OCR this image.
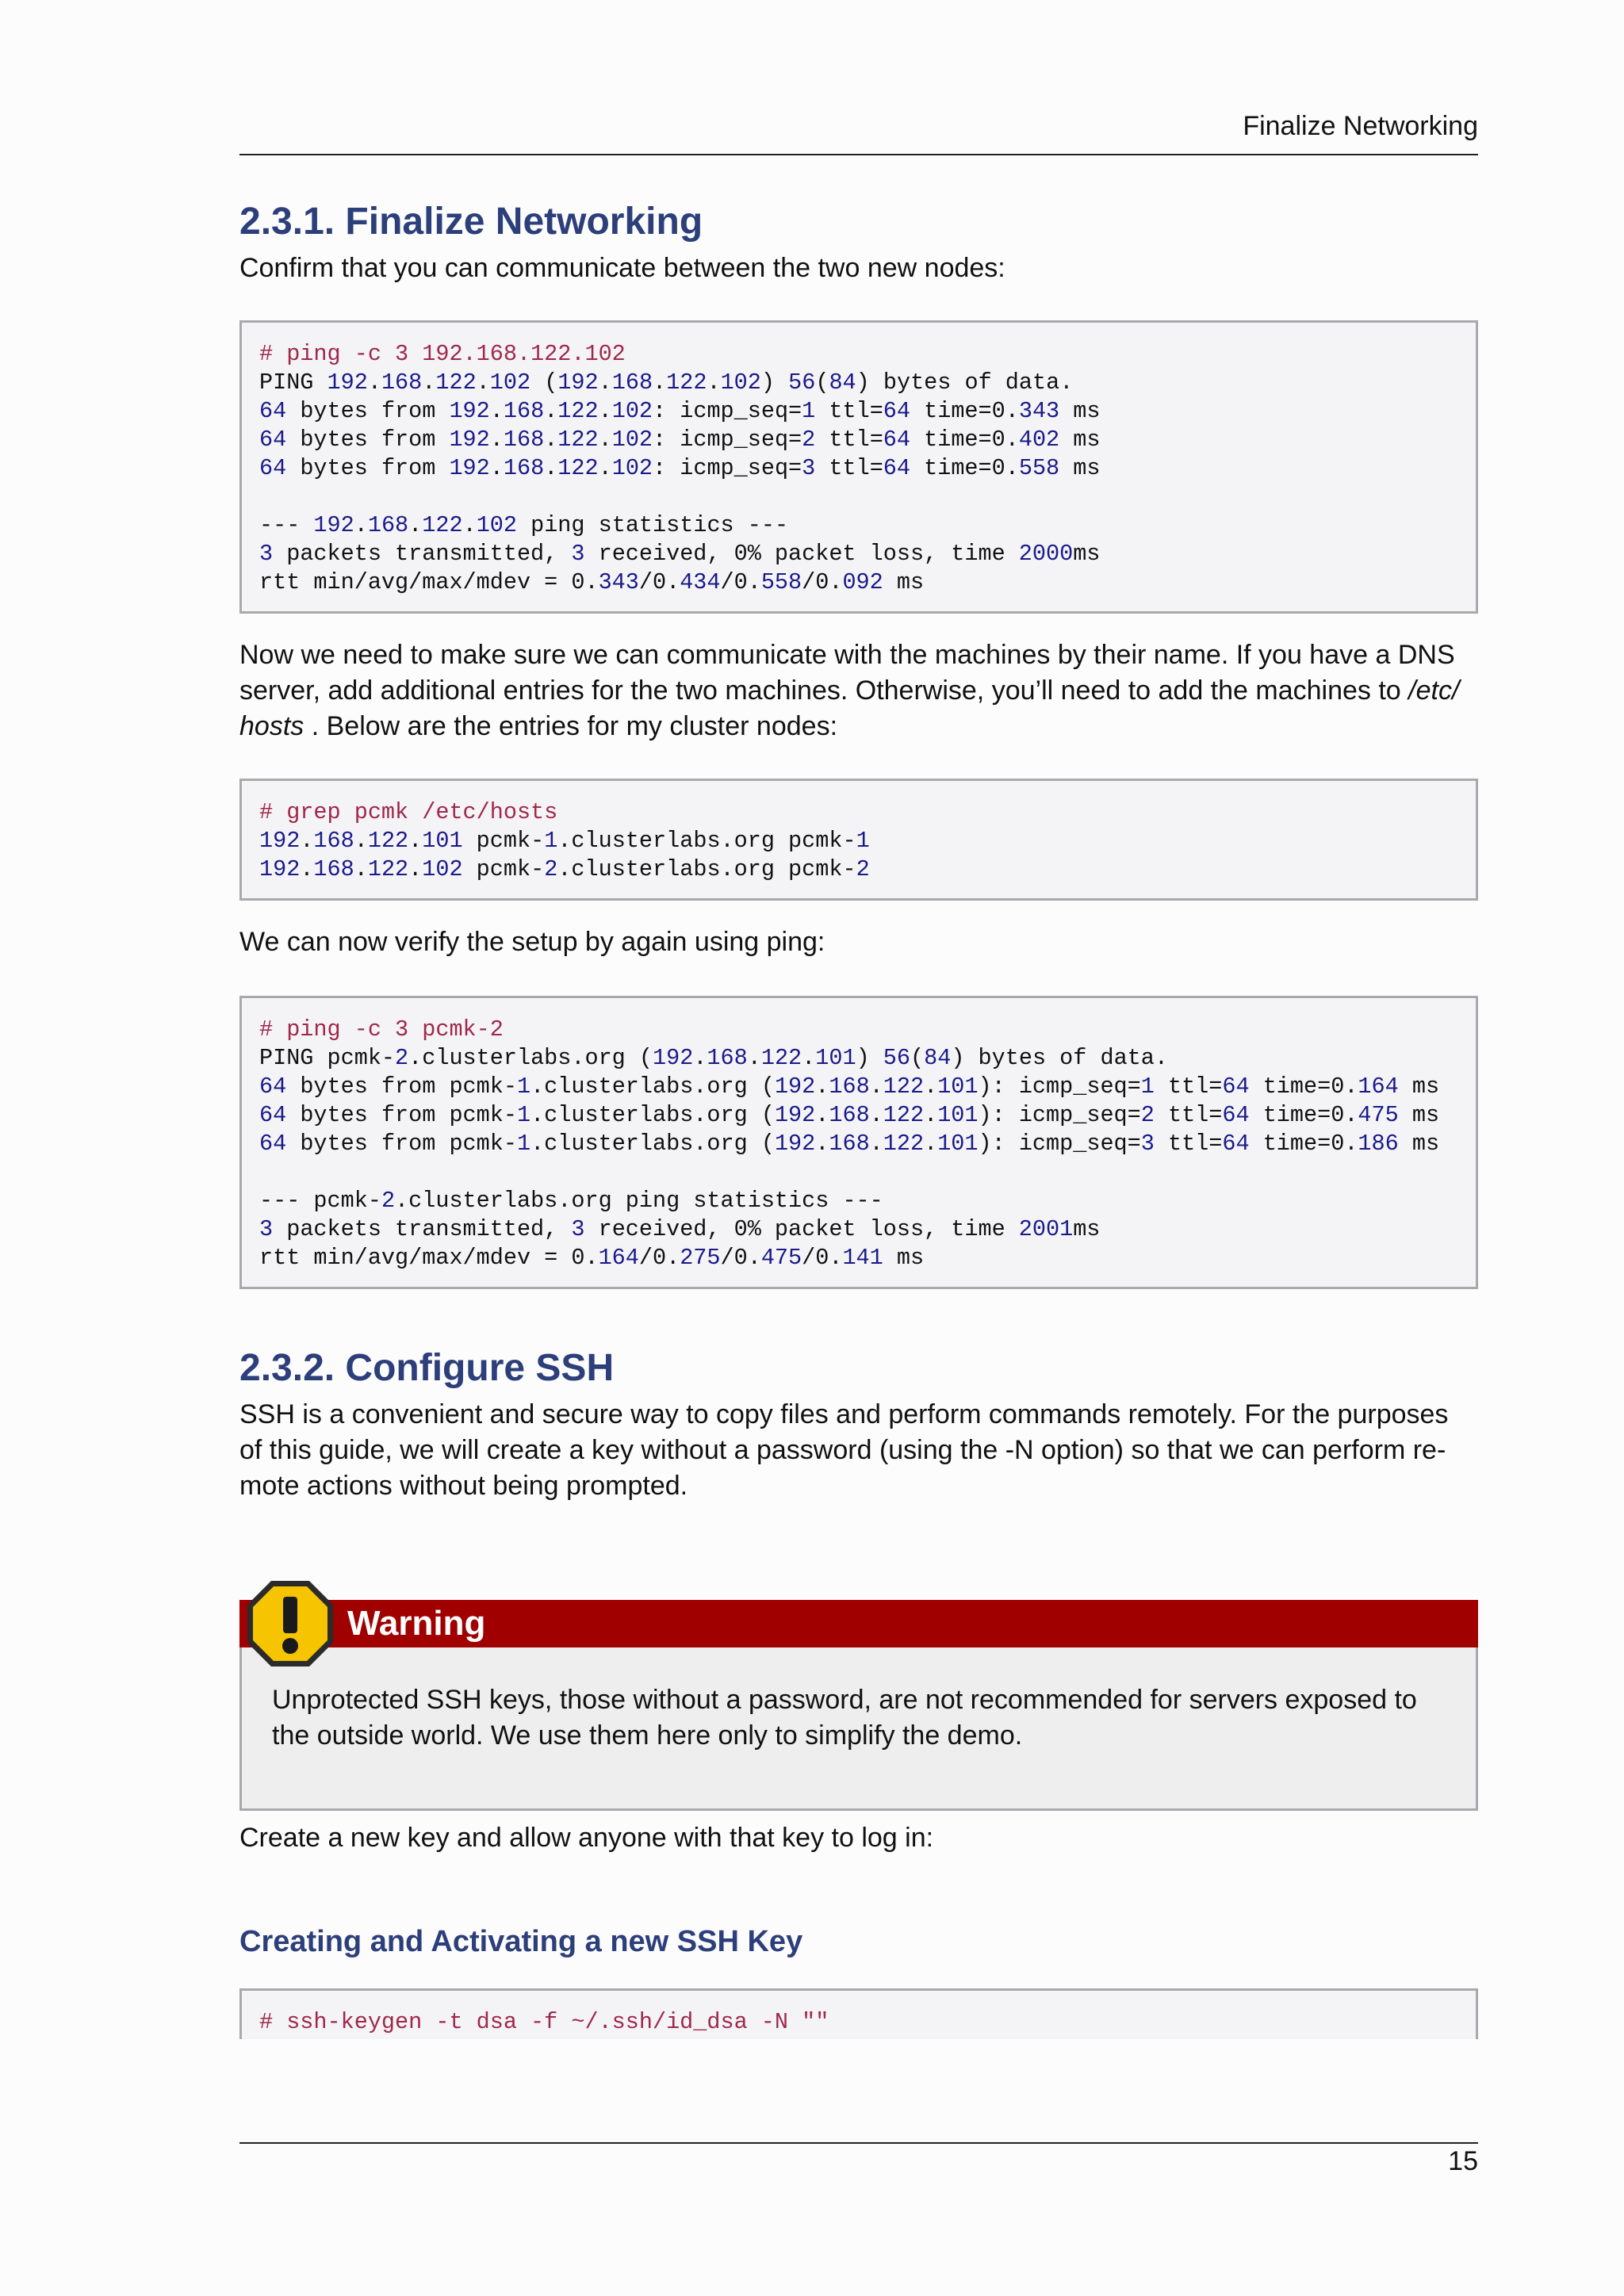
Finalize Networking
2.3.1. Finalize Networking

Confirm that you can communicate between the two new nodes:

# ping -c 3 192.168.122.102
PING 192.168.122.102 (192.168.122.102) 56(84) bytes of data.
64 bytes from 192.168.122.102: icmp_seq=1 ttl=64 time=0.343 ms
64 bytes from 192.168.122.102: icmp_seq=2 ttl=64 time=0.402 ms
64 bytes from 192.168.122.102: icmp_seq=3 ttl=64 time=0.558 ms

--- 192.168.122.102 ping statistics ---
3 packets transmitted, 3 received, 0% packet loss, time 2000ms
rtt min/avg/max/mdev = 0.343/0.434/0.558/0.092 ms

Now we need to make sure we can communicate with the machines by their name. If you have a DNS server, add additional entries for the two machines. Otherwise, you’ll need to add the machines to /etc/ hosts . Below are the entries for my cluster nodes:

# grep pcmk /etc/hosts
192.168.122.101 pcmk-1.clusterlabs.org pcmk-1
192.168.122.102 pcmk-2.clusterlabs.org pcmk-2

We can now verify the setup by again using ping:

# ping -c 3 pcmk-2
PING pcmk-2.clusterlabs.org (192.168.122.101) 56(84) bytes of data.
64 bytes from pcmk-1.clusterlabs.org (192.168.122.101): icmp_seq=1 ttl=64 time=0.164 ms
64 bytes from pcmk-1.clusterlabs.org (192.168.122.101): icmp_seq=2 ttl=64 time=0.475 ms
64 bytes from pcmk-1.clusterlabs.org (192.168.122.101): icmp_seq=3 ttl=64 time=0.186 ms

--- pcmk-2.clusterlabs.org ping statistics ---
3 packets transmitted, 3 received, 0% packet loss, time 2001ms
rtt min/avg/max/mdev = 0.164/0.275/0.475/0.141 ms
2.3.2. Configure SSH

SSH is a convenient and secure way to copy files and perform commands remotely. For the purposes of this guide, we will create a key without a password (using the -N option) so that we can perform re- mote actions without being prompted.

Warning

Unprotected SSH keys, those without a password, are not recommended for servers exposed to the outside world. We use them here only to simplify the demo.

Create a new key and allow anyone with that key to log in:

Creating and Activating a new SSH Key
# ssh-keygen -t dsa -f ~/.ssh/id_dsa -N ""
15
